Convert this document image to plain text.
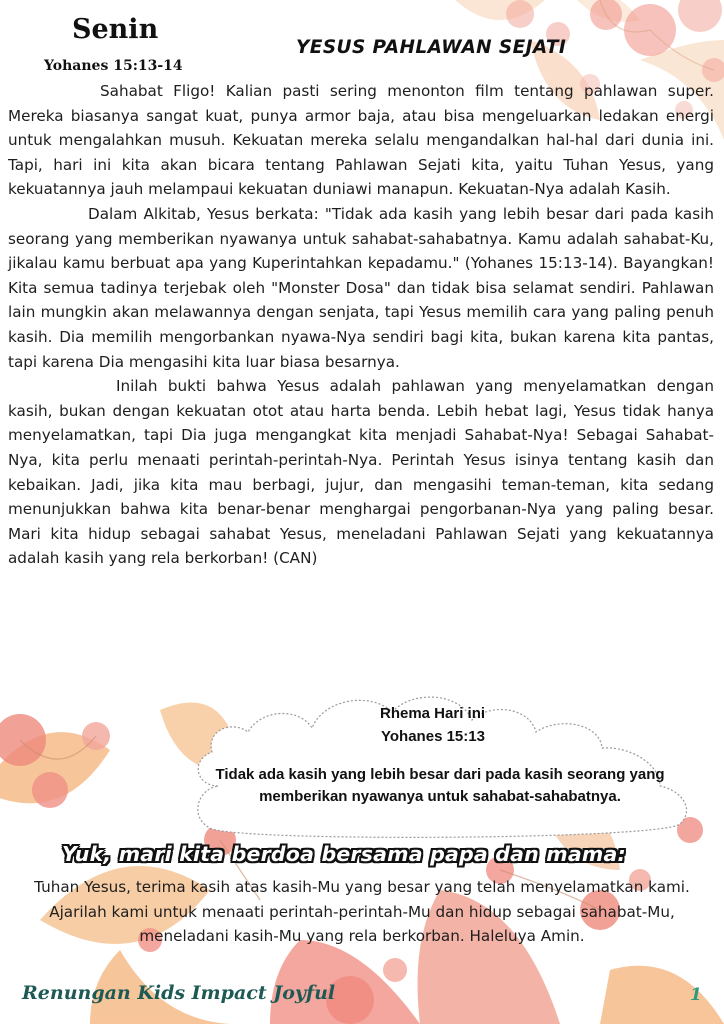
Senin
Yohanes 15:13-14
YESUS PAHLAWAN SEJATI

Sahabat Fligo! Kalian pasti sering menonton film tentang pahlawan super. Mereka biasanya sangat kuat, punya armor baja, atau bisa mengeluarkan ledakan energi untuk mengalahkan musuh. Kekuatan mereka selalu mengandalkan hal-hal dari dunia ini. Tapi, hari ini kita akan bicara tentang Pahlawan Sejati kita, yaitu Tuhan Yesus, yang kekuatannya jauh melampaui kekuatan duniawi manapun. Kekuatan-Nya adalah Kasih.

Dalam Alkitab, Yesus berkata: "Tidak ada kasih yang lebih besar dari pada kasih seorang yang memberikan nyawanya untuk sahabat-sahabatnya. Kamu adalah sahabat-Ku, jikalau kamu berbuat apa yang Kuperintahkan kepadamu." (Yohanes 15:13-14). Bayangkan! Kita semua tadinya terjebak oleh "Monster Dosa" dan tidak bisa selamat sendiri. Pahlawan lain mungkin akan melawannya dengan senjata, tapi Yesus memilih cara yang paling penuh kasih. Dia memilih mengorbankan nyawa-Nya sendiri bagi kita, bukan karena kita pantas, tapi karena Dia mengasihi kita luar biasa besarnya.

Inilah bukti bahwa Yesus adalah pahlawan yang menyelamatkan dengan kasih, bukan dengan kekuatan otot atau harta benda. Lebih hebat lagi, Yesus tidak hanya menyelamatkan, tapi Dia juga mengangkat kita menjadi Sahabat-Nya! Sebagai Sahabat-Nya, kita perlu menaati perintah-perintah-Nya. Perintah Yesus isinya tentang kasih dan kebaikan. Jadi, jika kita mau berbagi, jujur, dan mengasihi teman-teman, kita sedang menunjukkan bahwa kita benar-benar menghargai pengorbanan-Nya yang paling besar. Mari kita hidup sebagai sahabat Yesus, meneladani Pahlawan Sejati yang kekuatannya adalah kasih yang rela berkorban! (CAN)

Rhema Hari ini
Yohanes 15:13
Tidak ada kasih yang lebih besar dari pada kasih seorang yang memberikan nyawanya untuk sahabat-sahabatnya.
Yuk, mari kita berdoa bersama papa dan mama:
Tuhan Yesus, terima kasih atas kasih-Mu yang besar yang telah menyelamatkan kami. Ajarilah kami untuk menaati perintah-perintah-Mu dan hidup sebagai sahabat-Mu, meneladani kasih-Mu yang rela berkorban. Haleluya Amin.
Renungan Kids Impact Joyful	1
